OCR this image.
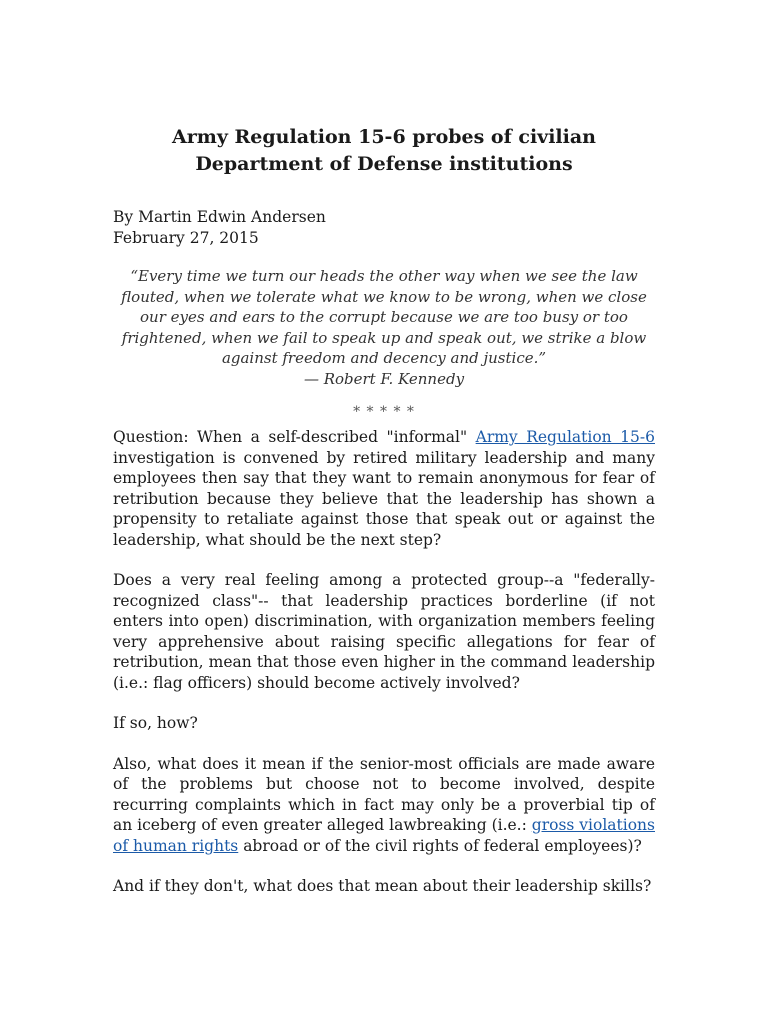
Army Regulation 15-6 probes of civilian
Department of Defense institutions
By Martin Edwin Andersen
February 27, 2015
“Every time we turn our heads the other way when we see the law flouted, when we tolerate what we know to be wrong, when we close our eyes and ears to the corrupt because we are too busy or too frightened, when we fail to speak up and speak out, we strike a blow against freedom and decency and justice.”
— Robert F. Kennedy
* * * * *

Question: When a self-described "informal" Army Regulation 15-6 investigation is convened by retired military leadership and many employees then say that they want to remain anonymous for fear of retribution because they believe that the leadership has shown a propensity to retaliate against those that speak out or against the leadership, what should be the next step?

Does a very real feeling among a protected group--a "federally-recognized class"-- that leadership practices borderline (if not enters into open) discrimination, with organization members feeling very apprehensive about raising specific allegations for fear of retribution, mean that those even higher in the command leadership (i.e.: flag officers) should become actively involved?

If so, how?

Also, what does it mean if the senior-most officials are made aware of the problems but choose not to become involved, despite recurring complaints which in fact may only be a proverbial tip of an iceberg of even greater alleged lawbreaking (i.e.: gross violations of human rights abroad or of the civil rights of federal employees)?

And if they don't, what does that mean about their leadership skills?
